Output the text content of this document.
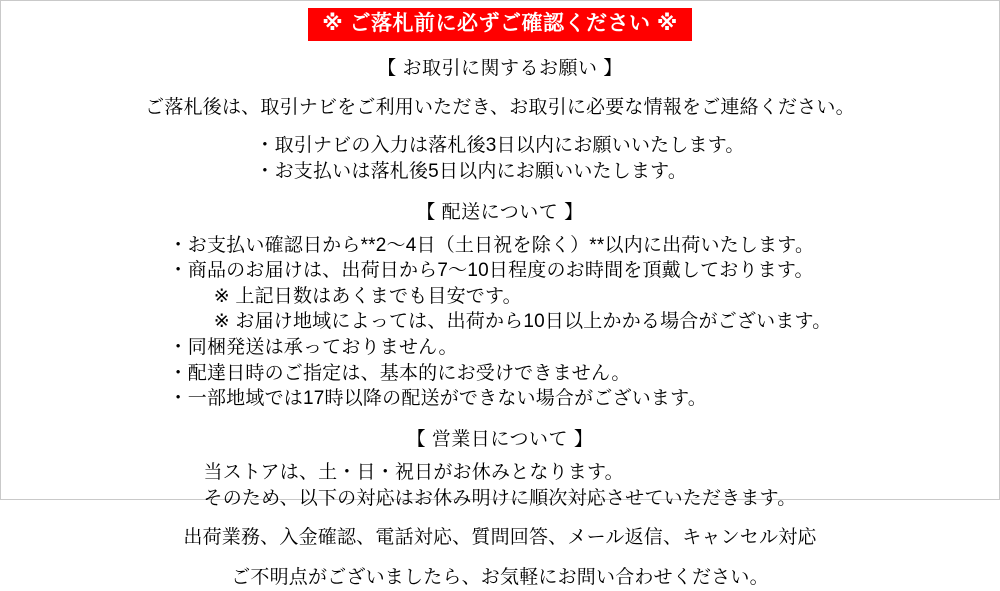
※ ご落札前に必ずご確認ください ※
【 お取引に関するお願い 】
ご落札後は、取引ナビをご利用いただき、お取引に必要な情報をご連絡ください。
・取引ナビの入力は落札後3日以内にお願いいたします。
・お支払いは落札後5日以内にお願いいたします。
【 配送について 】
・お支払い確認日から**2〜4日（土日祝を除く）**以内に出荷いたします。
・商品のお届けは、出荷日から7〜10日程度のお時間を頂戴しております。
　※ 上記日数はあくまでも目安です。
　※ お届け地域によっては、出荷から10日以上かかる場合がございます。
・同梱発送は承っておりません。
・配達日時のご指定は、基本的にお受けできません。
・一部地域では17時以降の配送ができない場合がございます。
【 営業日について 】
当ストアは、土・日・祝日がお休みとなります。
そのため、以下の対応はお休み明けに順次対応させていただきます。
出荷業務、入金確認、電話対応、質問回答、メール返信、キャンセル対応
ご不明点がございましたら、お気軽にお問い合わせください。
